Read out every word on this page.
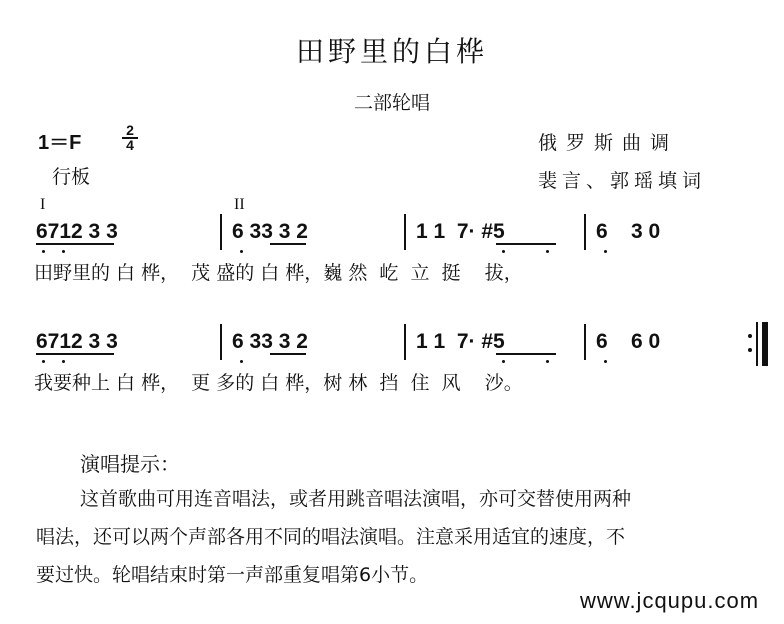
田野里的白桦
二部轮唱
1＝F	$\frac{2}{4}$
行板
俄罗斯曲调
裴言、郭瑶填词
I	II
6712 3 3	6 33 3 2	1 1  7· #5	6    3 0
田野里的 白 桦，  茂 盛的 白 桦，巍 然  屹  立  挺    拔，
6712 3 3	6 33 3 2	1 1  7· #5	6    6 0
我要种上 白 桦，  更 多的 白 桦，树 林  挡  住  风    沙。
演唱提示：

这首歌曲可用连音唱法，或者用跳音唱法演唱，亦可交替使用两种

唱法，还可以两个声部各用不同的唱法演唱。注意采用适宜的速度，不

要过快。轮唱结束时第一声部重复唱第6小节。

www.jcqupu.com
